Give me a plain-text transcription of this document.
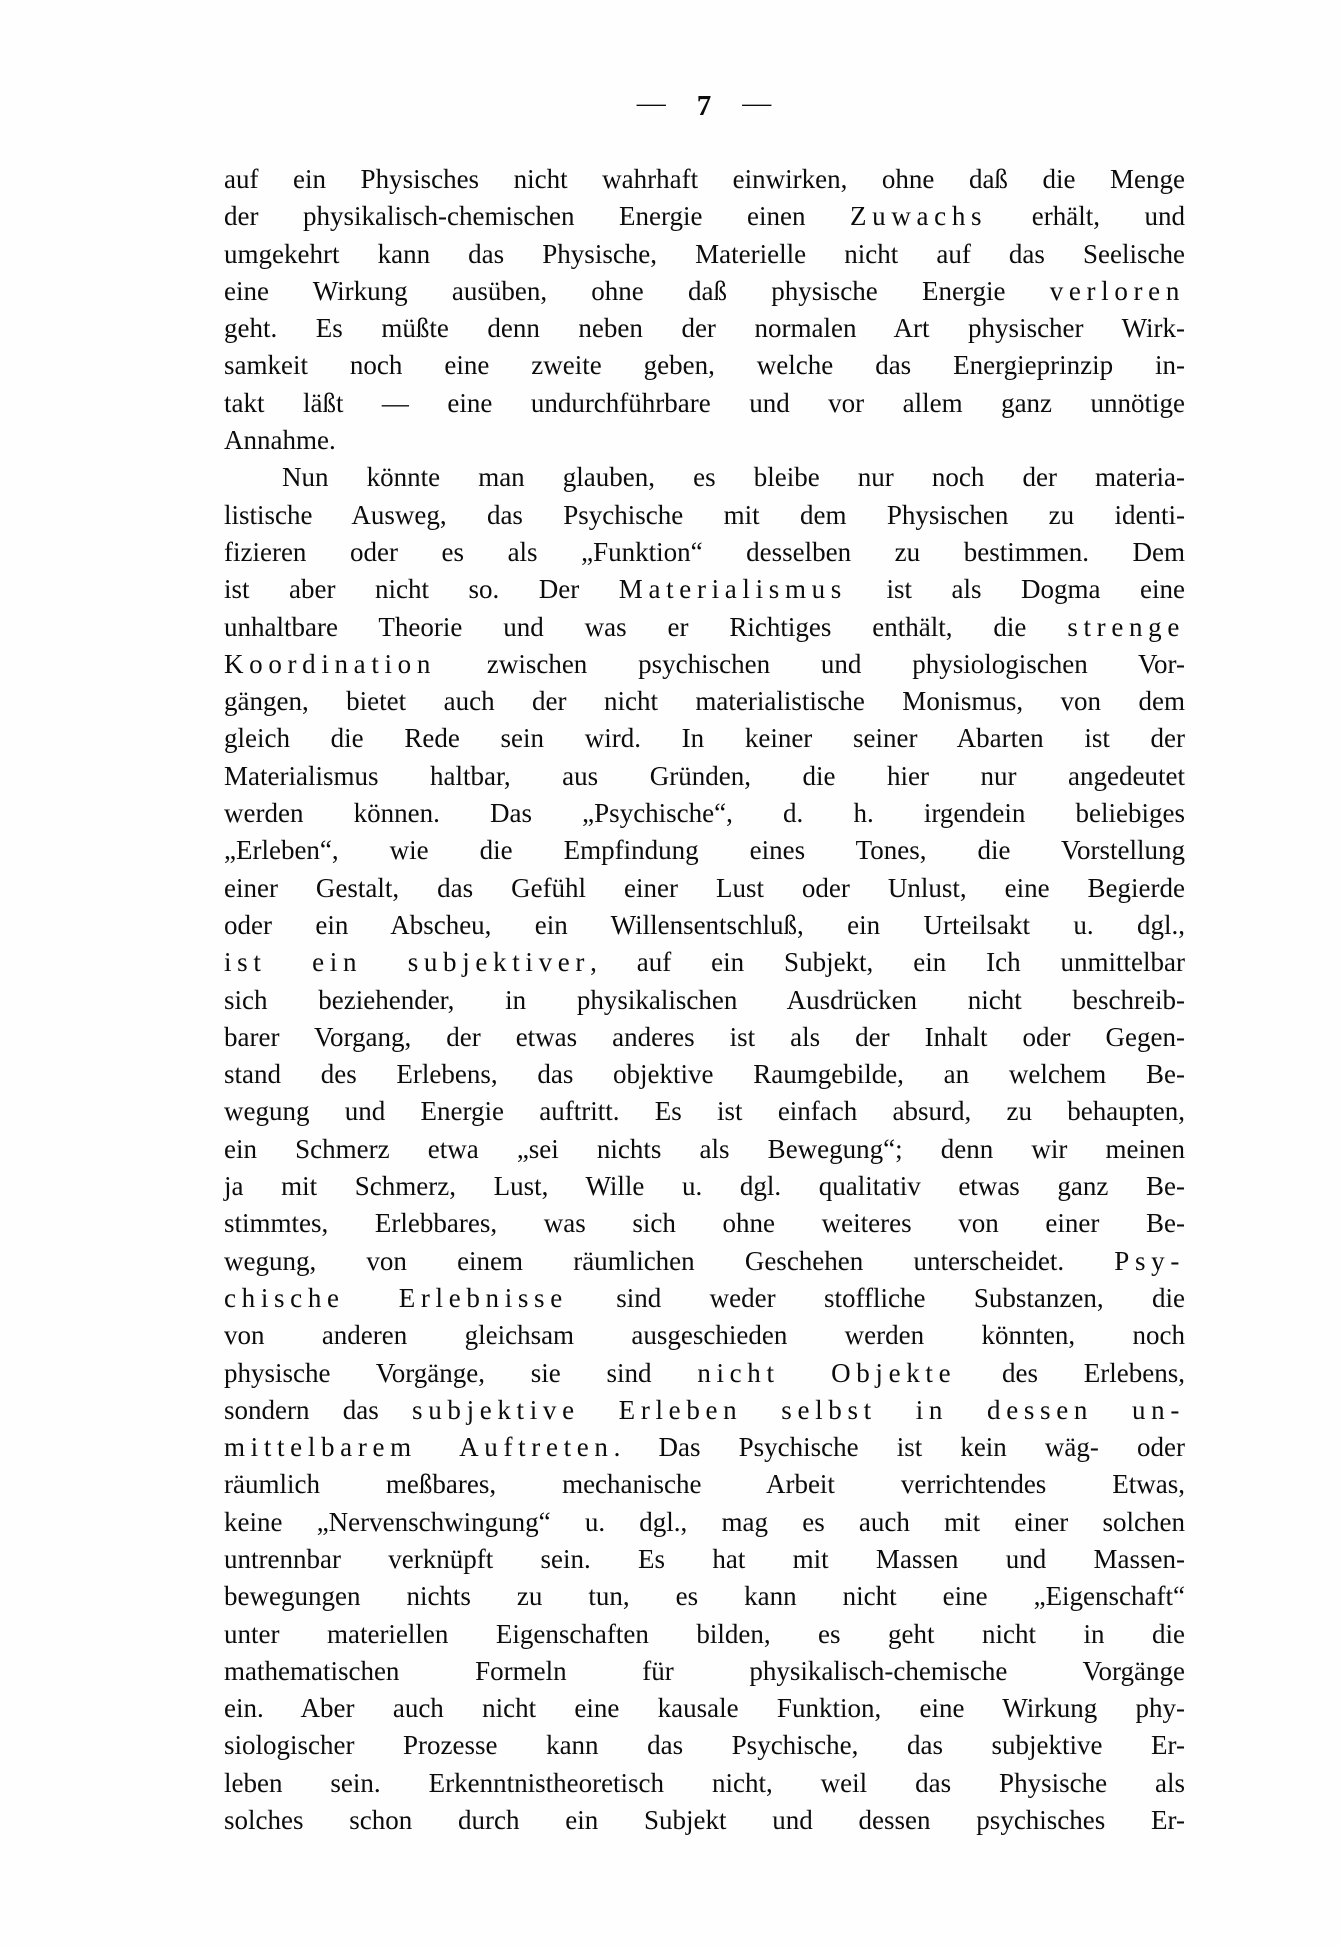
— 7 —
auf ein Physisches nicht wahrhaft einwirken, ohne daß die Menge
der physikalisch-chemischen Energie einen Zuwachs erhält, und
umgekehrt kann das Physische, Materielle nicht auf das Seelische
eine Wirkung ausüben, ohne daß physische Energie verloren
geht. Es müßte denn neben der normalen Art physischer Wirk-
samkeit noch eine zweite geben, welche das Energieprinzip in-
takt läßt — eine undurchführbare und vor allem ganz unnötige
Annahme.
Nun könnte man glauben, es bleibe nur noch der materia-
listische Ausweg, das Psychische mit dem Physischen zu identi-
fizieren oder es als „Funktion“ desselben zu bestimmen. Dem
ist aber nicht so. Der Materialismus ist als Dogma eine
unhaltbare Theorie und was er Richtiges enthält, die strenge
Koordination zwischen psychischen und physiologischen Vor-
gängen, bietet auch der nicht materialistische Monismus, von dem
gleich die Rede sein wird. In keiner seiner Abarten ist der
Materialismus haltbar, aus Gründen, die hier nur angedeutet
werden können. Das „Psychische“, d. h. irgendein beliebiges
„Erleben“, wie die Empfindung eines Tones, die Vorstellung
einer Gestalt, das Gefühl einer Lust oder Unlust, eine Begierde
oder ein Abscheu, ein Willensentschluß, ein Urteilsakt u. dgl.,
ist ein subjektiver, auf ein Subjekt, ein Ich unmittelbar
sich beziehender, in physikalischen Ausdrücken nicht beschreib-
barer Vorgang, der etwas anderes ist als der Inhalt oder Gegen-
stand des Erlebens, das objektive Raumgebilde, an welchem Be-
wegung und Energie auftritt. Es ist einfach absurd, zu behaupten,
ein Schmerz etwa „sei nichts als Bewegung“; denn wir meinen
ja mit Schmerz, Lust, Wille u. dgl. qualitativ etwas ganz Be-
stimmtes, Erlebbares, was sich ohne weiteres von einer Be-
wegung, von einem räumlichen Geschehen unterscheidet. Psy-
chische Erlebnisse sind weder stoffliche Substanzen, die
von anderen gleichsam ausgeschieden werden könnten, noch
physische Vorgänge, sie sind nicht Objekte des Erlebens,
sondern das subjektive Erleben selbst in dessen un-
mittelbarem Auftreten. Das Psychische ist kein wäg- oder
räumlich meßbares, mechanische Arbeit verrichtendes Etwas,
keine „Nervenschwingung“ u. dgl., mag es auch mit einer solchen
untrennbar verknüpft sein. Es hat mit Massen und Massen-
bewegungen nichts zu tun, es kann nicht eine „Eigenschaft“
unter materiellen Eigenschaften bilden, es geht nicht in die
mathematischen Formeln für physikalisch-chemische Vorgänge
ein. Aber auch nicht eine kausale Funktion, eine Wirkung phy-
siologischer Prozesse kann das Psychische, das subjektive Er-
leben sein. Erkenntnistheoretisch nicht, weil das Physische als
solches schon durch ein Subjekt und dessen psychisches Er-
